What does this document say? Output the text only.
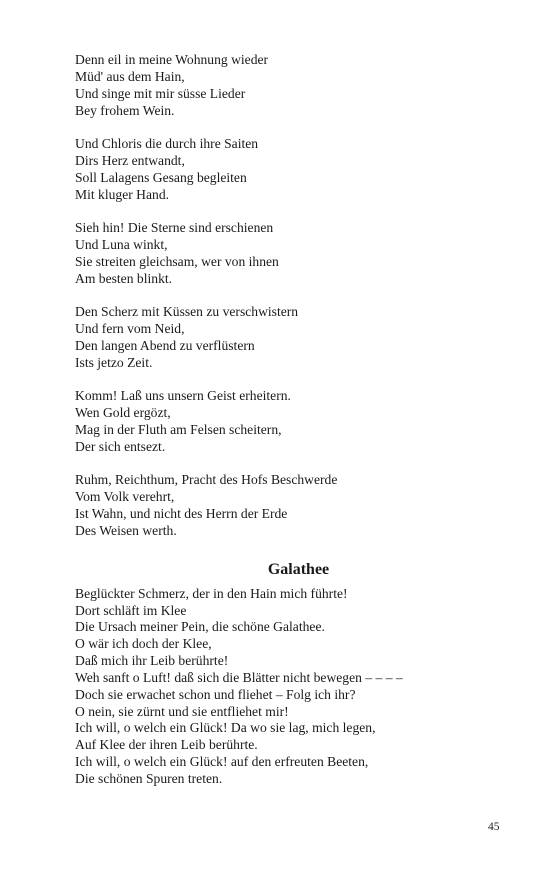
Denn eil in meine Wohnung wieder
Müd' aus dem Hain,
Und singe mit mir süsse Lieder
Bey frohem Wein.
Und Chloris die durch ihre Saiten
Dirs Herz entwandt,
Soll Lalagens Gesang begleiten
Mit kluger Hand.
Sieh hin! Die Sterne sind erschienen
Und Luna winkt,
Sie streiten gleichsam, wer von ihnen
Am besten blinkt.
Den Scherz mit Küssen zu verschwistern
Und fern vom Neid,
Den langen Abend zu verflüstern
Ists jetzo Zeit.
Komm! Laß uns unsern Geist erheitern.
Wen Gold ergözt,
Mag in der Fluth am Felsen scheitern,
Der sich entsezt.
Ruhm, Reichthum, Pracht des Hofs Beschwerde
Vom Volk verehrt,
Ist Wahn, und nicht des Herrn der Erde
Des Weisen werth.
Galathee
Beglückter Schmerz, der in den Hain mich führte!
Dort schläft im Klee
Die Ursach meiner Pein, die schöne Galathee.
O wär ich doch der Klee,
Daß mich ihr Leib berührte!
Weh sanft o Luft! daß sich die Blätter nicht bewegen – – – –
Doch sie erwachet schon und fliehet – Folg ich ihr?
O nein, sie zürnt und sie entfliehet mir!
Ich will, o welch ein Glück! Da wo sie lag, mich legen,
Auf Klee der ihren Leib berührte.
Ich will, o welch ein Glück! auf den erfreuten Beeten,
Die schönen Spuren treten.
45
